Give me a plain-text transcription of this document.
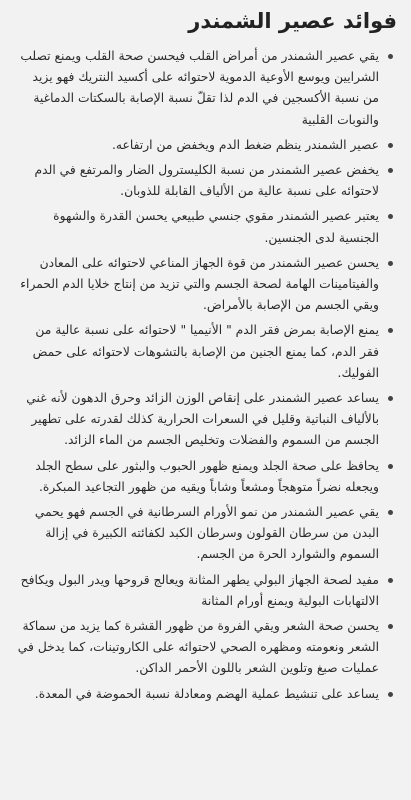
فوائد عصير الشمندر
يقي عصير الشمندر من أمراض القلب فيحسن صحة القلب ويمنع تصلب الشرايين ويوسع الأوعية الدموية لاحتوائه على أكسيد النتريك فهو يزيد من نسبة الأكسجين في الدم لذا تقلّ نسبة الإصابة بالسكتات الدماغية والنوبات القلبية
عصير الشمندر ينظم ضغط الدم ويخفض من ارتفاعه.
يخفض عصير الشمندر من نسبة الكليسترول الضار والمرتفع في الدم لاحتوائه على نسبة عالية من الألياف القابلة للذوبان.
يعتبر عصير الشمندر مقوي جنسي طبيعي يحسن القدرة والشهوة الجنسية لدى الجنسين.
يحسن عصير الشمندر من قوة الجهاز المناعي لاحتوائه على المعادن والفيتامينات الهامة لصحة الجسم والتي تزيد من إنتاج خلايا الدم الحمراء ويقي الجسم من الإصابة بالأمراض.
يمنع الإصابة بمرض فقر الدم " الأنيميا " لاحتوائه على نسبة عالية من فقر الدم، كما يمنع الجنين من الإصابة بالتشوهات لاحتوائه على حمض الفوليك.
يساعد عصير الشمندر على إنقاص الوزن الزائد وحرق الدهون لأنه غني بالألياف النباتية وقليل في السعرات الحرارية كذلك لقدرته على تطهير الجسم من السموم والفضلات وتخليص الجسم من الماء الزائد.
يحافظ على صحة الجلد ويمنع ظهور الحبوب والبثور على سطح الجلد ويجعله نضراً متوهجاً ومشعاً وشاباً ويقيه من ظهور التجاعيد المبكرة.
يقي عصير الشمندر من نمو الأورام السرطانية في الجسم فهو يحمي البدن من سرطان القولون وسرطان الكبد لكفائته الكبيرة في إزالة السموم والشوارد الحرة من الجسم.
مفيد لصحة الجهاز البولي يطهر المثانة ويعالج قروحها ويدر البول ويكافح الالتهابات البولية ويمنع أورام المثانة
يحسن صحة الشعر ويقي الفروة من ظهور القشرة كما يزيد من سماكة الشعر ونعومته ومظهره الصحي لاحتوائه على الكاروتينات، كما يدخل في عمليات صبغ وتلوين الشعر باللون الأحمر الداكن.
يساعد على تنشيط عملية الهضم ومعادلة نسبة الحموضة في المعدة.
